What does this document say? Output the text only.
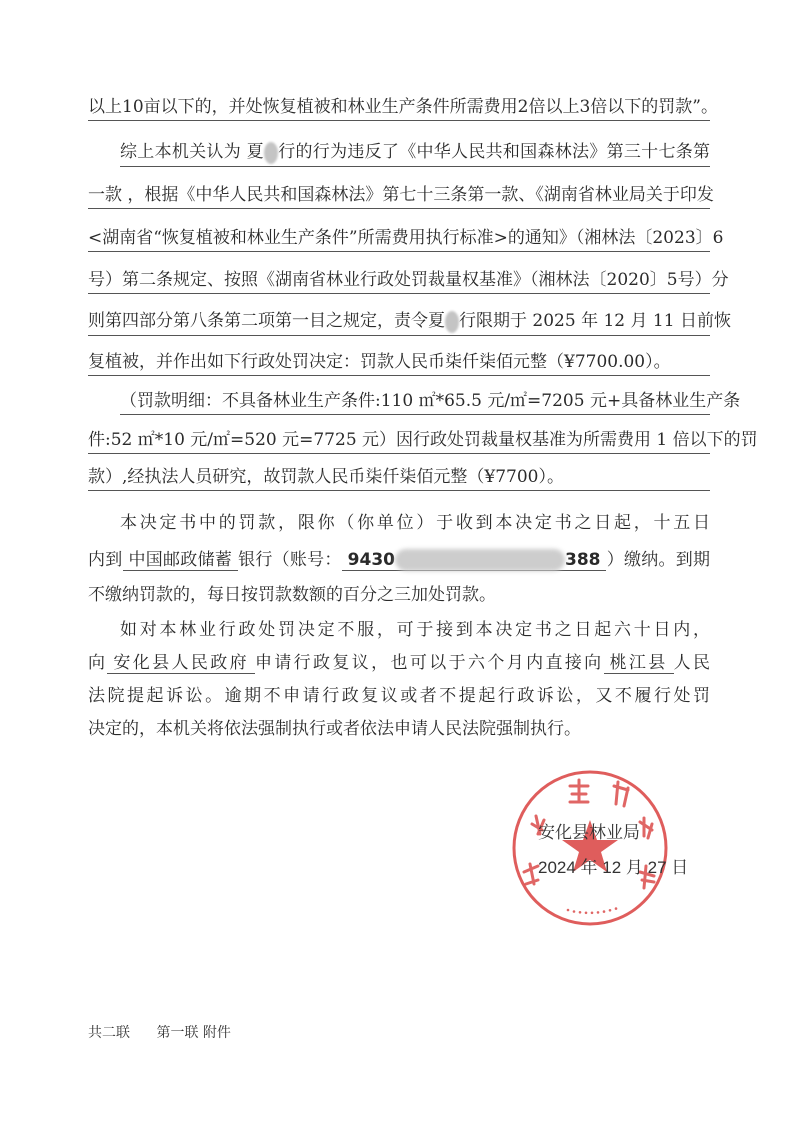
以上10亩以下的，并处恢复植被和林业生产条件所需费用2倍以上3倍以下的罚款”。
综上本机关认为 夏 行的行为违反了《中华人民共和国森林法》第三十七条第
一款 ，根据《中华人民共和国森林法》第七十三条第一款、《湖南省林业局关于印发
<湖南省“恢复植被和林业生产条件”所需费用执行标准>的通知》（湘林法〔2023〕6
号）第二条规定、按照《湖南省林业行政处罚裁量权基准》（湘林法〔2020〕5号）分
则第四部分第八条第二项第一目之规定，责令夏 行限期于 2025 年 12 月 11 日前恢
复植被，并作出如下行政处罚决定：罚款人民币柒仟柒佰元整（¥7700.00）。
（罚款明细：不具备林业生产条件:110 ㎡*65.5 元/㎡=7205 元+具备林业生产条
件:52 ㎡*10 元/㎡=520 元=7725 元）因行政处罚裁量权基准为所需费用 1 倍以下的罚
款）,经执法人员研究，故罚款人民币柒仟柒佰元整（¥7700）。
本决定书中的罚款，限你（你单位）于收到本决定书之日起，十五日
内到 中国邮政储蓄 银行（账号： 9430	388 ）缴纳。到期
不缴纳罚款的，每日按罚款数额的百分之三加处罚款。
如对本林业行政处罚决定不服，可于接到本决定书之日起六十日内，
向 安化县人民政府 申请行政复议，也可以于六个月内直接向 桃江县 人民
法院提起诉讼。逾期不申请行政复议或者不提起行政诉讼，又不履行处罚
决定的，本机关将依法强制执行或者依法申请人民法院强制执行。
安化县林业局
2024 年 12 月 27 日
共二联 第一联 附件
